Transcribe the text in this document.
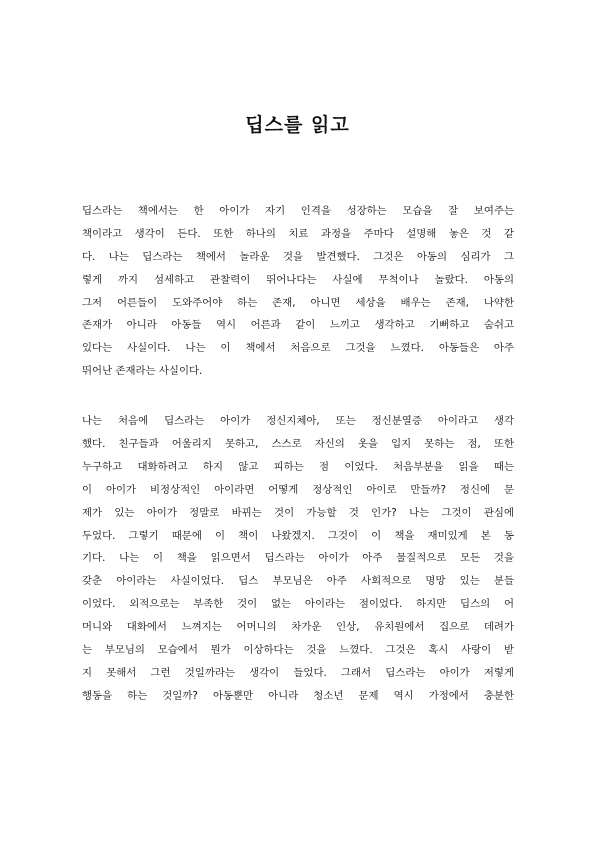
딥스를 읽고

딥스라는 책에서는 한 아이가 자기 인격을 성장하는 모습을 잘 보여주는
책이라고 생각이 든다. 또한 하나의 치료 과정을 주마다 설명해 놓은 것 같
다. 나는 딥스라는 책에서 놀라운 것을 발견했다. 그것은 아동의 심리가 그
렇게 까지 섬세하고 관찰력이 뛰어나다는 사실에 무척이나 놀랐다. 아동의
그저 어른들이 도와주어야 하는 존재, 아니면 세상을 배우는 존재, 나약한
존재가 아니라 아동들 역시 어른과 같이 느끼고 생각하고 기뻐하고 숨쉬고
있다는 사실이다. 나는 이 책에서 처음으로 그것을 느꼈다. 아동들은 아주
뛰어난 존재라는 사실이다.

나는 처음에 딥스라는 아이가 정신지체아, 또는 정신분열증 아이라고 생각
했다. 친구들과 어울리지 못하고, 스스로 자신의 옷을 입지 못하는 점, 또한
누구하고 대화하려고 하지 않고 피하는 점 이었다. 처음부분을 읽을 때는
이 아이가 비정상적인 아이라면 어떻게 정상적인 아이로 만들까? 정신에 문
제가 있는 아이가 정말로 바뀌는 것이 가능할 것 인가? 나는 그것이 관심에
두었다. 그렇기 때문에 이 책이 나왔겠지. 그것이 이 책을 재미있게 본 동
기다. 나는 이 책을 읽으면서 딥스라는 아이가 아주 물질적으로 모든 것을
갖춘 아이라는 사실이었다. 딥스 부모님은 아주 사회적으로 명망 있는 분들
이었다. 외적으로는 부족한 것이 없는 아이라는 점이었다. 하지만 딥스의 어
머니와 대화에서 느껴지는 어머니의 차가운 인상, 유치원에서 집으로 데려가
는 부모님의 모습에서 뭔가 이상하다는 것을 느꼈다. 그것은 혹시 사랑이 받
지 못해서 그런 것일까라는 생각이 들었다. 그래서 딥스라는 아이가 저렇게
행동을 하는 것일까? 아동뿐만 아니라 청소년 문제 역시 가정에서 충분한
